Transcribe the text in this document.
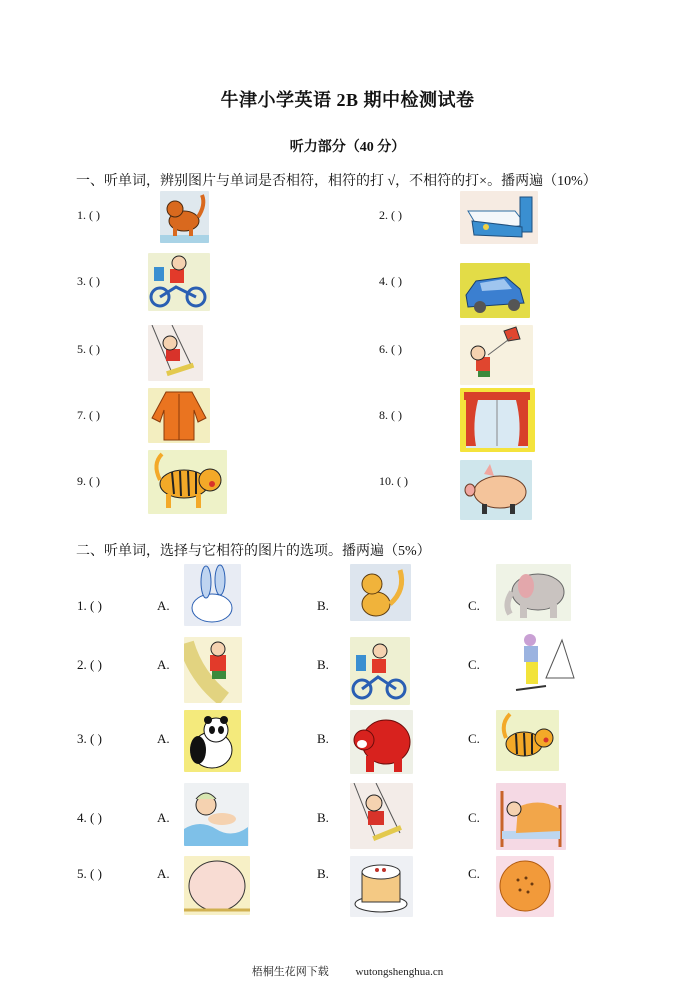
牛津小学英语 2B 期中检测试卷
听力部分（40 分）
一、听单词，辨别图片与单词是否相符，相符的打 √，不相符的打×。播两遍（10%）
1. ( )	2. ( )
3. ( )	4. ( )
5. ( )	6. ( )
7. ( )	8. ( )
9. ( )	10. ( )
二、听单词，选择与它相符的图片的选项。播两遍（5%）
1. ( )	A.	B.	C.
2. ( )	A.	B.	C.
3. ( )	A.	B.	C.
4. ( )	A.	B.	C.
5. ( )	A.	B.	C.
梧桐生花网下载 wutongshenghua.cn
